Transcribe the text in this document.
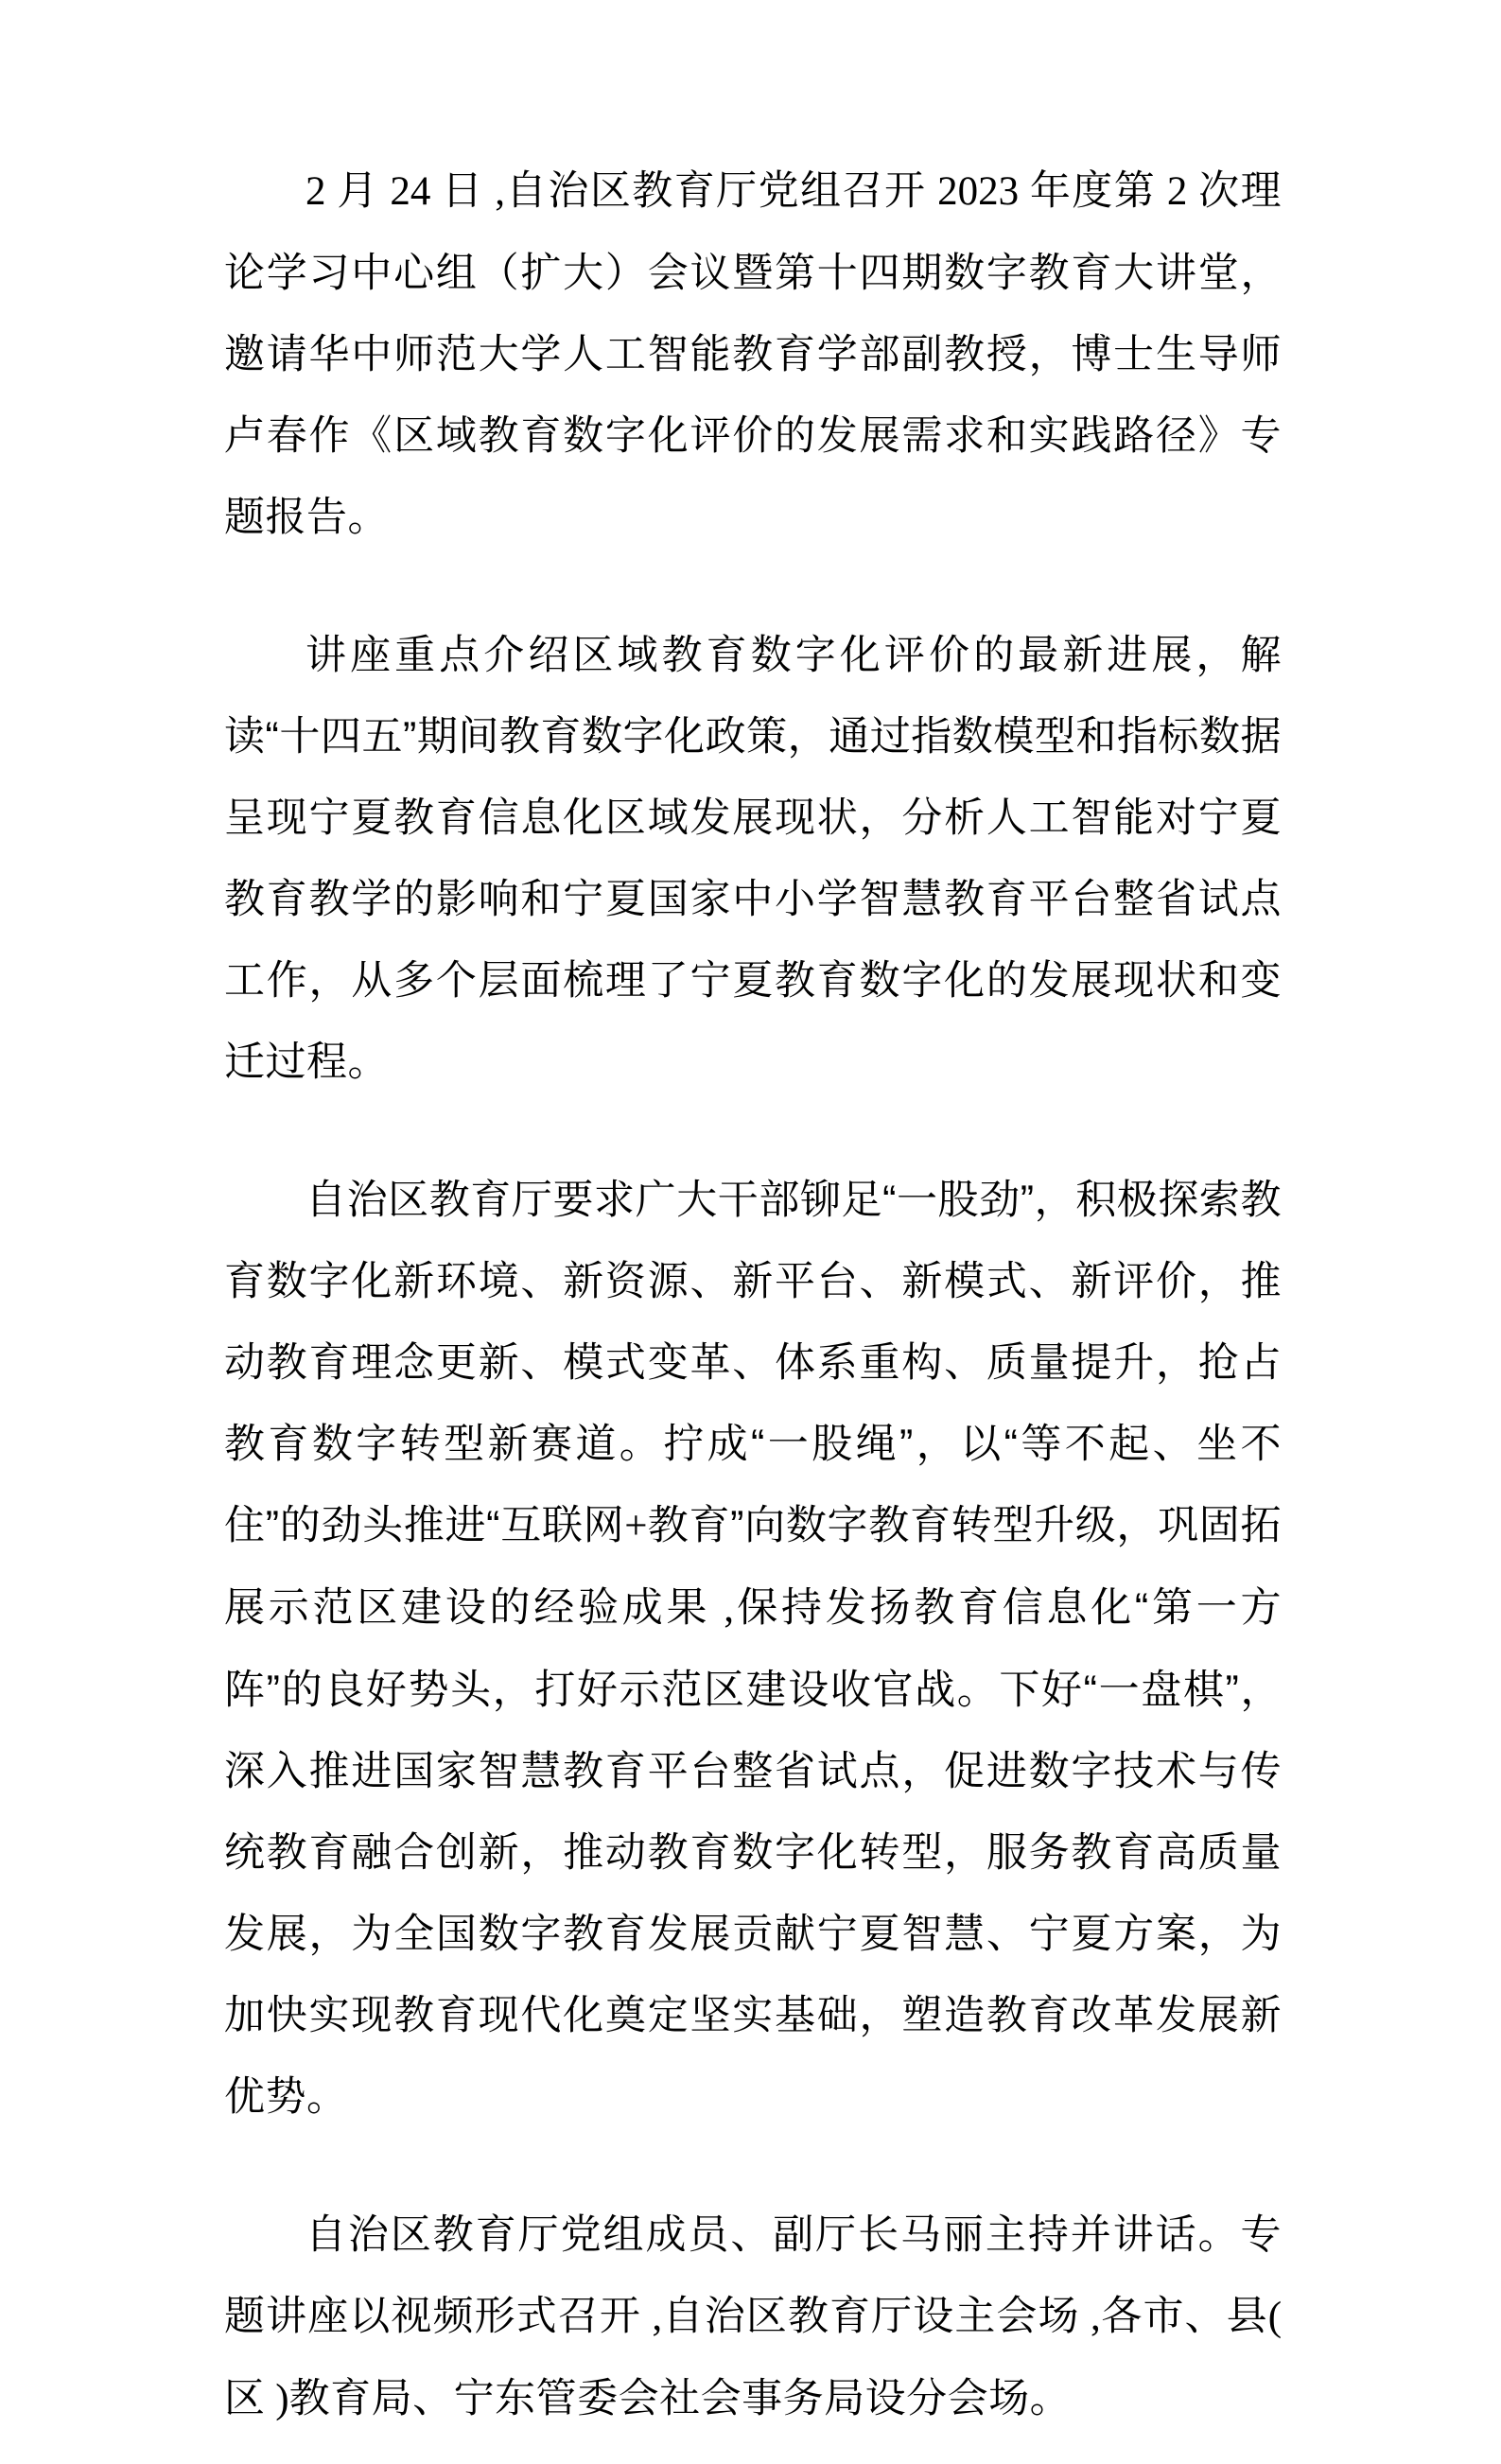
2 月 24 日 ,自治区教育厅党组召开 2023 年度第 2 次理论学习中心组（扩大）会议暨第十四期数字教育大讲堂，邀请华中师范大学人工智能教育学部副教授，博士生导师卢春作《区域教育数字化评价的发展需求和实践路径》专题报告。

讲座重点介绍区域教育数字化评价的最新进展，解读“十四五”期间教育数字化政策，通过指数模型和指标数据呈现宁夏教育信息化区域发展现状，分析人工智能对宁夏教育教学的影响和宁夏国家中小学智慧教育平台整省试点工作，从多个层面梳理了宁夏教育数字化的发展现状和变迁过程。

自治区教育厅要求广大干部铆足“一股劲”，积极探索教育数字化新环境、新资源、新平台、新模式、新评价，推动教育理念更新、模式变革、体系重构、质量提升，抢占教育数字转型新赛道。拧成“一股绳”，以“等不起、坐不住”的劲头推进“互联网+教育”向数字教育转型升级，巩固拓展示范区建设的经验成果 ,保持发扬教育信息化“第一方阵”的良好势头，打好示范区建设收官战。下好“一盘棋”，深入推进国家智慧教育平台整省试点，促进数字技术与传统教育融合创新，推动教育数字化转型，服务教育高质量发展，为全国数字教育发展贡献宁夏智慧、宁夏方案，为加快实现教育现代化奠定坚实基础，塑造教育改革发展新优势。

自治区教育厅党组成员、副厅长马丽主持并讲话。专题讲座以视频形式召开 ,自治区教育厅设主会场 ,各市、县( 区 )教育局、宁东管委会社会事务局设分会场。
